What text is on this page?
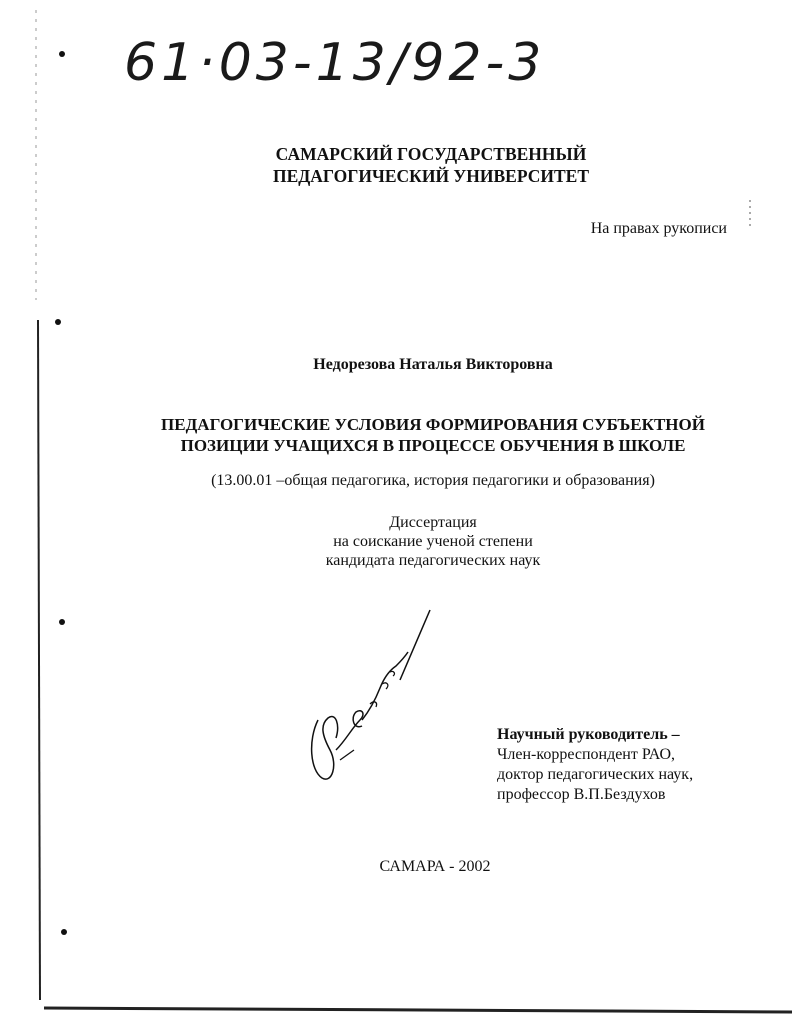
61·03-13/92-3
САМАРСКИЙ ГОСУДАРСТВЕННЫЙ
ПЕДАГОГИЧЕСКИЙ УНИВЕРСИТЕТ
На правах рукописи
Недорезова Наталья Викторовна
ПЕДАГОГИЧЕСКИЕ УСЛОВИЯ ФОРМИРОВАНИЯ СУБЪЕКТНОЙ
ПОЗИЦИИ УЧАЩИХСЯ В ПРОЦЕССЕ ОБУЧЕНИЯ В ШКОЛЕ
(13.00.01 –общая педагогика, история педагогики и образования)
Диссертация
на соискание ученой степени
кандидата педагогических наук
Научный руководитель –
Член-корреспондент РАО,
доктор педагогических наук,
профессор В.П.Бездухов
САМАРА - 2002
